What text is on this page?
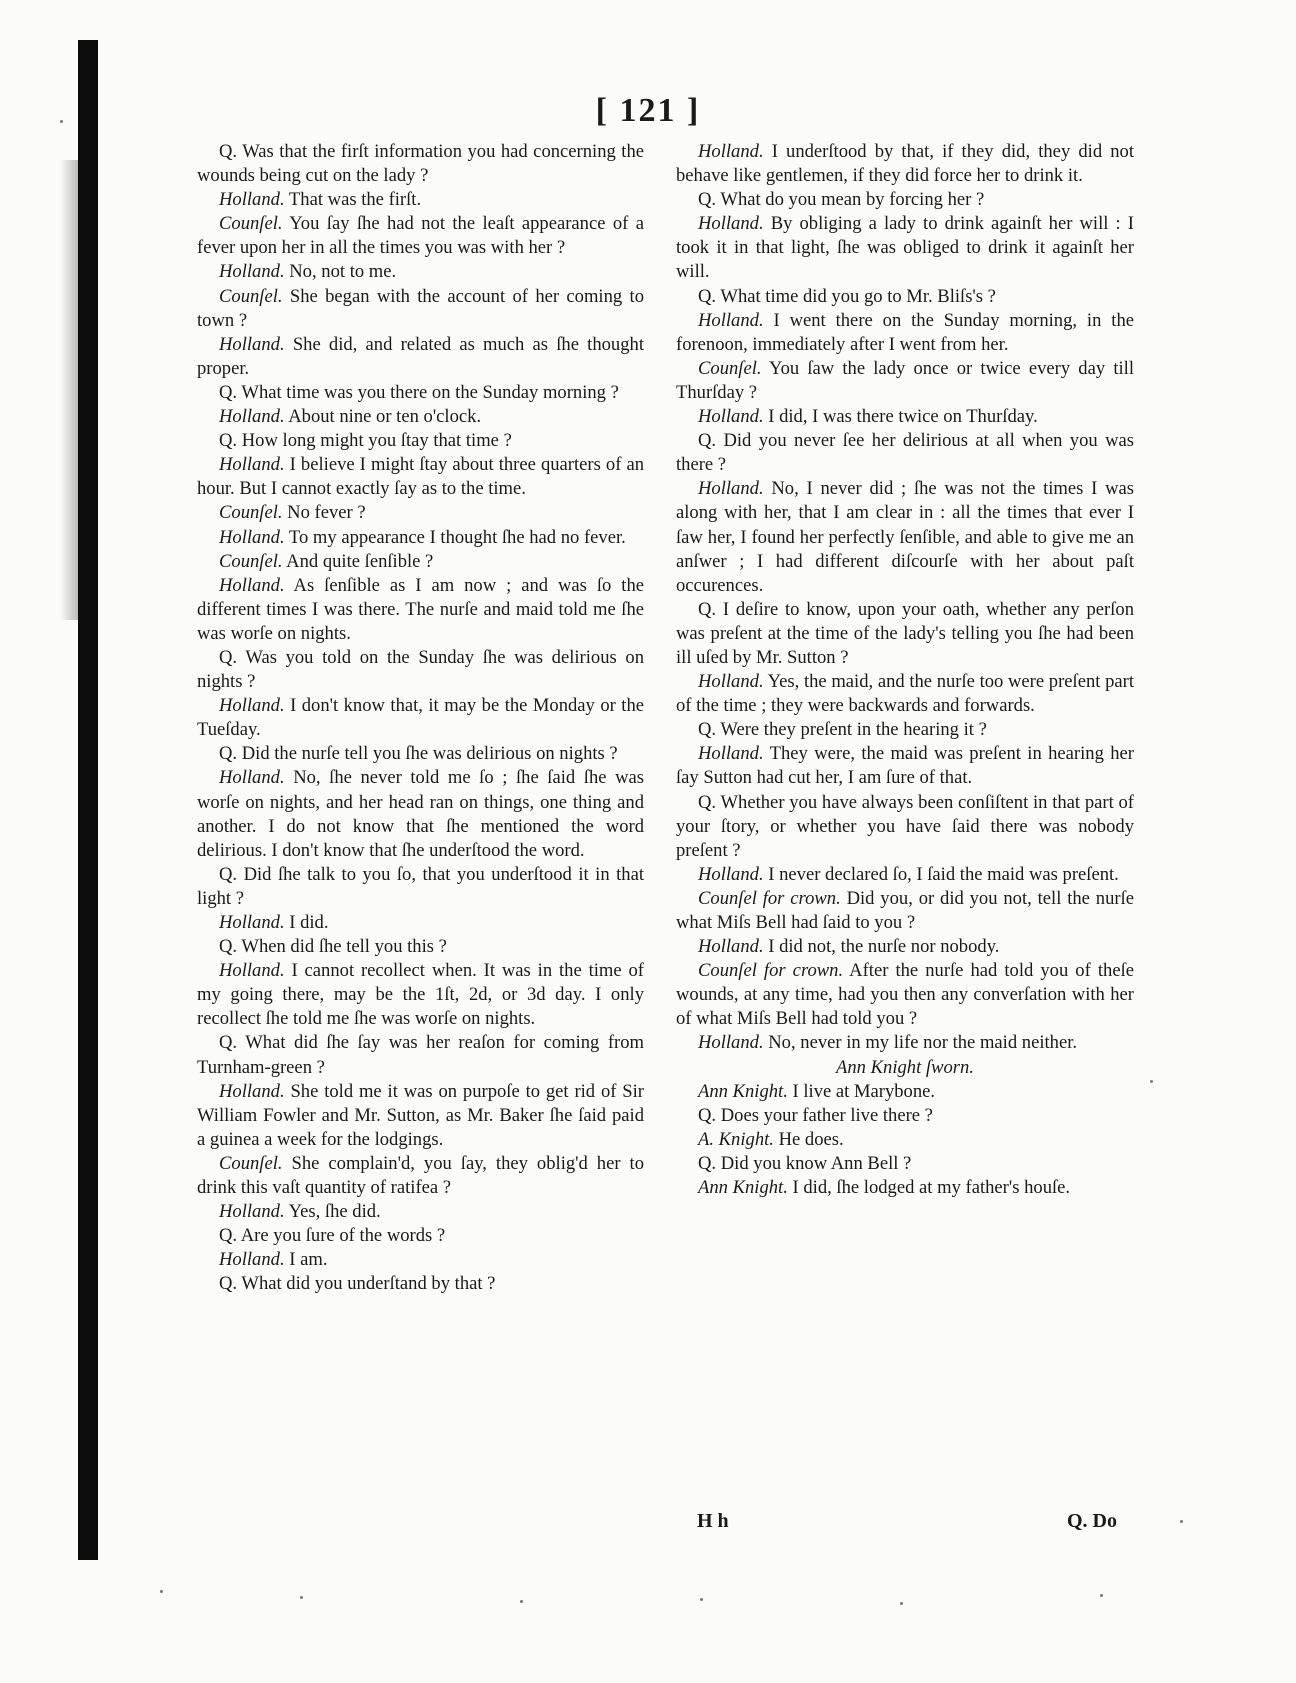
[ 121 ]

Q. Was that the firſt information you had concerning the wounds being cut on the lady ?

Holland. That was the firſt.

Counſel. You ſay ſhe had not the leaſt appearance of a fever upon her in all the times you was with her ?

Holland. No, not to me.

Counſel. She began with the account of her coming to town ?

Holland. She did, and related as much as ſhe thought proper.

Q. What time was you there on the Sunday morning ?

Holland. About nine or ten o'clock.

Q. How long might you ſtay that time ?

Holland. I believe I might ſtay about three quarters of an hour. But I cannot exactly ſay as to the time.

Counſel. No fever ?

Holland. To my appearance I thought ſhe had no fever.

Counſel. And quite ſenſible ?

Holland. As ſenſible as I am now ; and was ſo the different times I was there. The nurſe and maid told me ſhe was worſe on nights.

Q. Was you told on the Sunday ſhe was delirious on nights ?

Holland. I don't know that, it may be the Monday or the Tueſday.

Q. Did the nurſe tell you ſhe was delirious on nights ?

Holland. No, ſhe never told me ſo ; ſhe ſaid ſhe was worſe on nights, and her head ran on things, one thing and another. I do not know that ſhe mentioned the word delirious. I don't know that ſhe underſtood the word.

Q. Did ſhe talk to you ſo, that you underſtood it in that light ?

Holland. I did.

Q. When did ſhe tell you this ?

Holland. I cannot recollect when. It was in the time of my going there, may be the 1ſt, 2d, or 3d day. I only recollect ſhe told me ſhe was worſe on nights.

Q. What did ſhe ſay was her reaſon for coming from Turnham-green ?

Holland. She told me it was on purpoſe to get rid of Sir William Fowler and Mr. Sutton, as Mr. Baker ſhe ſaid paid a guinea a week for the lodgings.

Counſel. She complain'd, you ſay, they oblig'd her to drink this vaſt quantity of ratifea ?

Holland. Yes, ſhe did.

Q. Are you ſure of the words ?

Holland. I am.

Q. What did you underſtand by that ?

Holland. I underſtood by that, if they did, they did not behave like gentlemen, if they did force her to drink it.

Q. What do you mean by forcing her ?

Holland. By obliging a lady to drink againſt her will : I took it in that light, ſhe was obliged to drink it againſt her will.

Q. What time did you go to Mr. Bliſs's ?

Holland. I went there on the Sunday morning, in the forenoon, immediately after I went from her.

Counſel. You ſaw the lady once or twice every day till Thurſday ?

Holland. I did, I was there twice on Thurſday.

Q. Did you never ſee her delirious at all when you was there ?

Holland. No, I never did ; ſhe was not the times I was along with her, that I am clear in : all the times that ever I ſaw her, I found her perfectly ſenſible, and able to give me an anſwer ; I had different diſcourſe with her about paſt occurences.

Q. I deſire to know, upon your oath, whether any perſon was preſent at the time of the lady's telling you ſhe had been ill uſed by Mr. Sutton ?

Holland. Yes, the maid, and the nurſe too were preſent part of the time ; they were backwards and forwards.

Q. Were they preſent in the hearing it ?

Holland. They were, the maid was preſent in hearing her ſay Sutton had cut her, I am ſure of that.

Q. Whether you have always been conſiſtent in that part of your ſtory, or whether you have ſaid there was nobody preſent ?

Holland. I never declared ſo, I ſaid the maid was preſent.

Counſel for crown. Did you, or did you not, tell the nurſe what Miſs Bell had ſaid to you ?

Holland. I did not, the nurſe nor nobody.

Counſel for crown. After the nurſe had told you of theſe wounds, at any time, had you then any converſation with her of what Miſs Bell had told you ?

Holland. No, never in my life nor the maid neither.

Ann Knight ſworn.

Ann Knight. I live at Marybone.

Q. Does your father live there ?

A. Knight. He does.

Q. Did you know Ann Bell ?

Ann Knight. I did, ſhe lodged at my father's houſe.

H h	Q. Do
